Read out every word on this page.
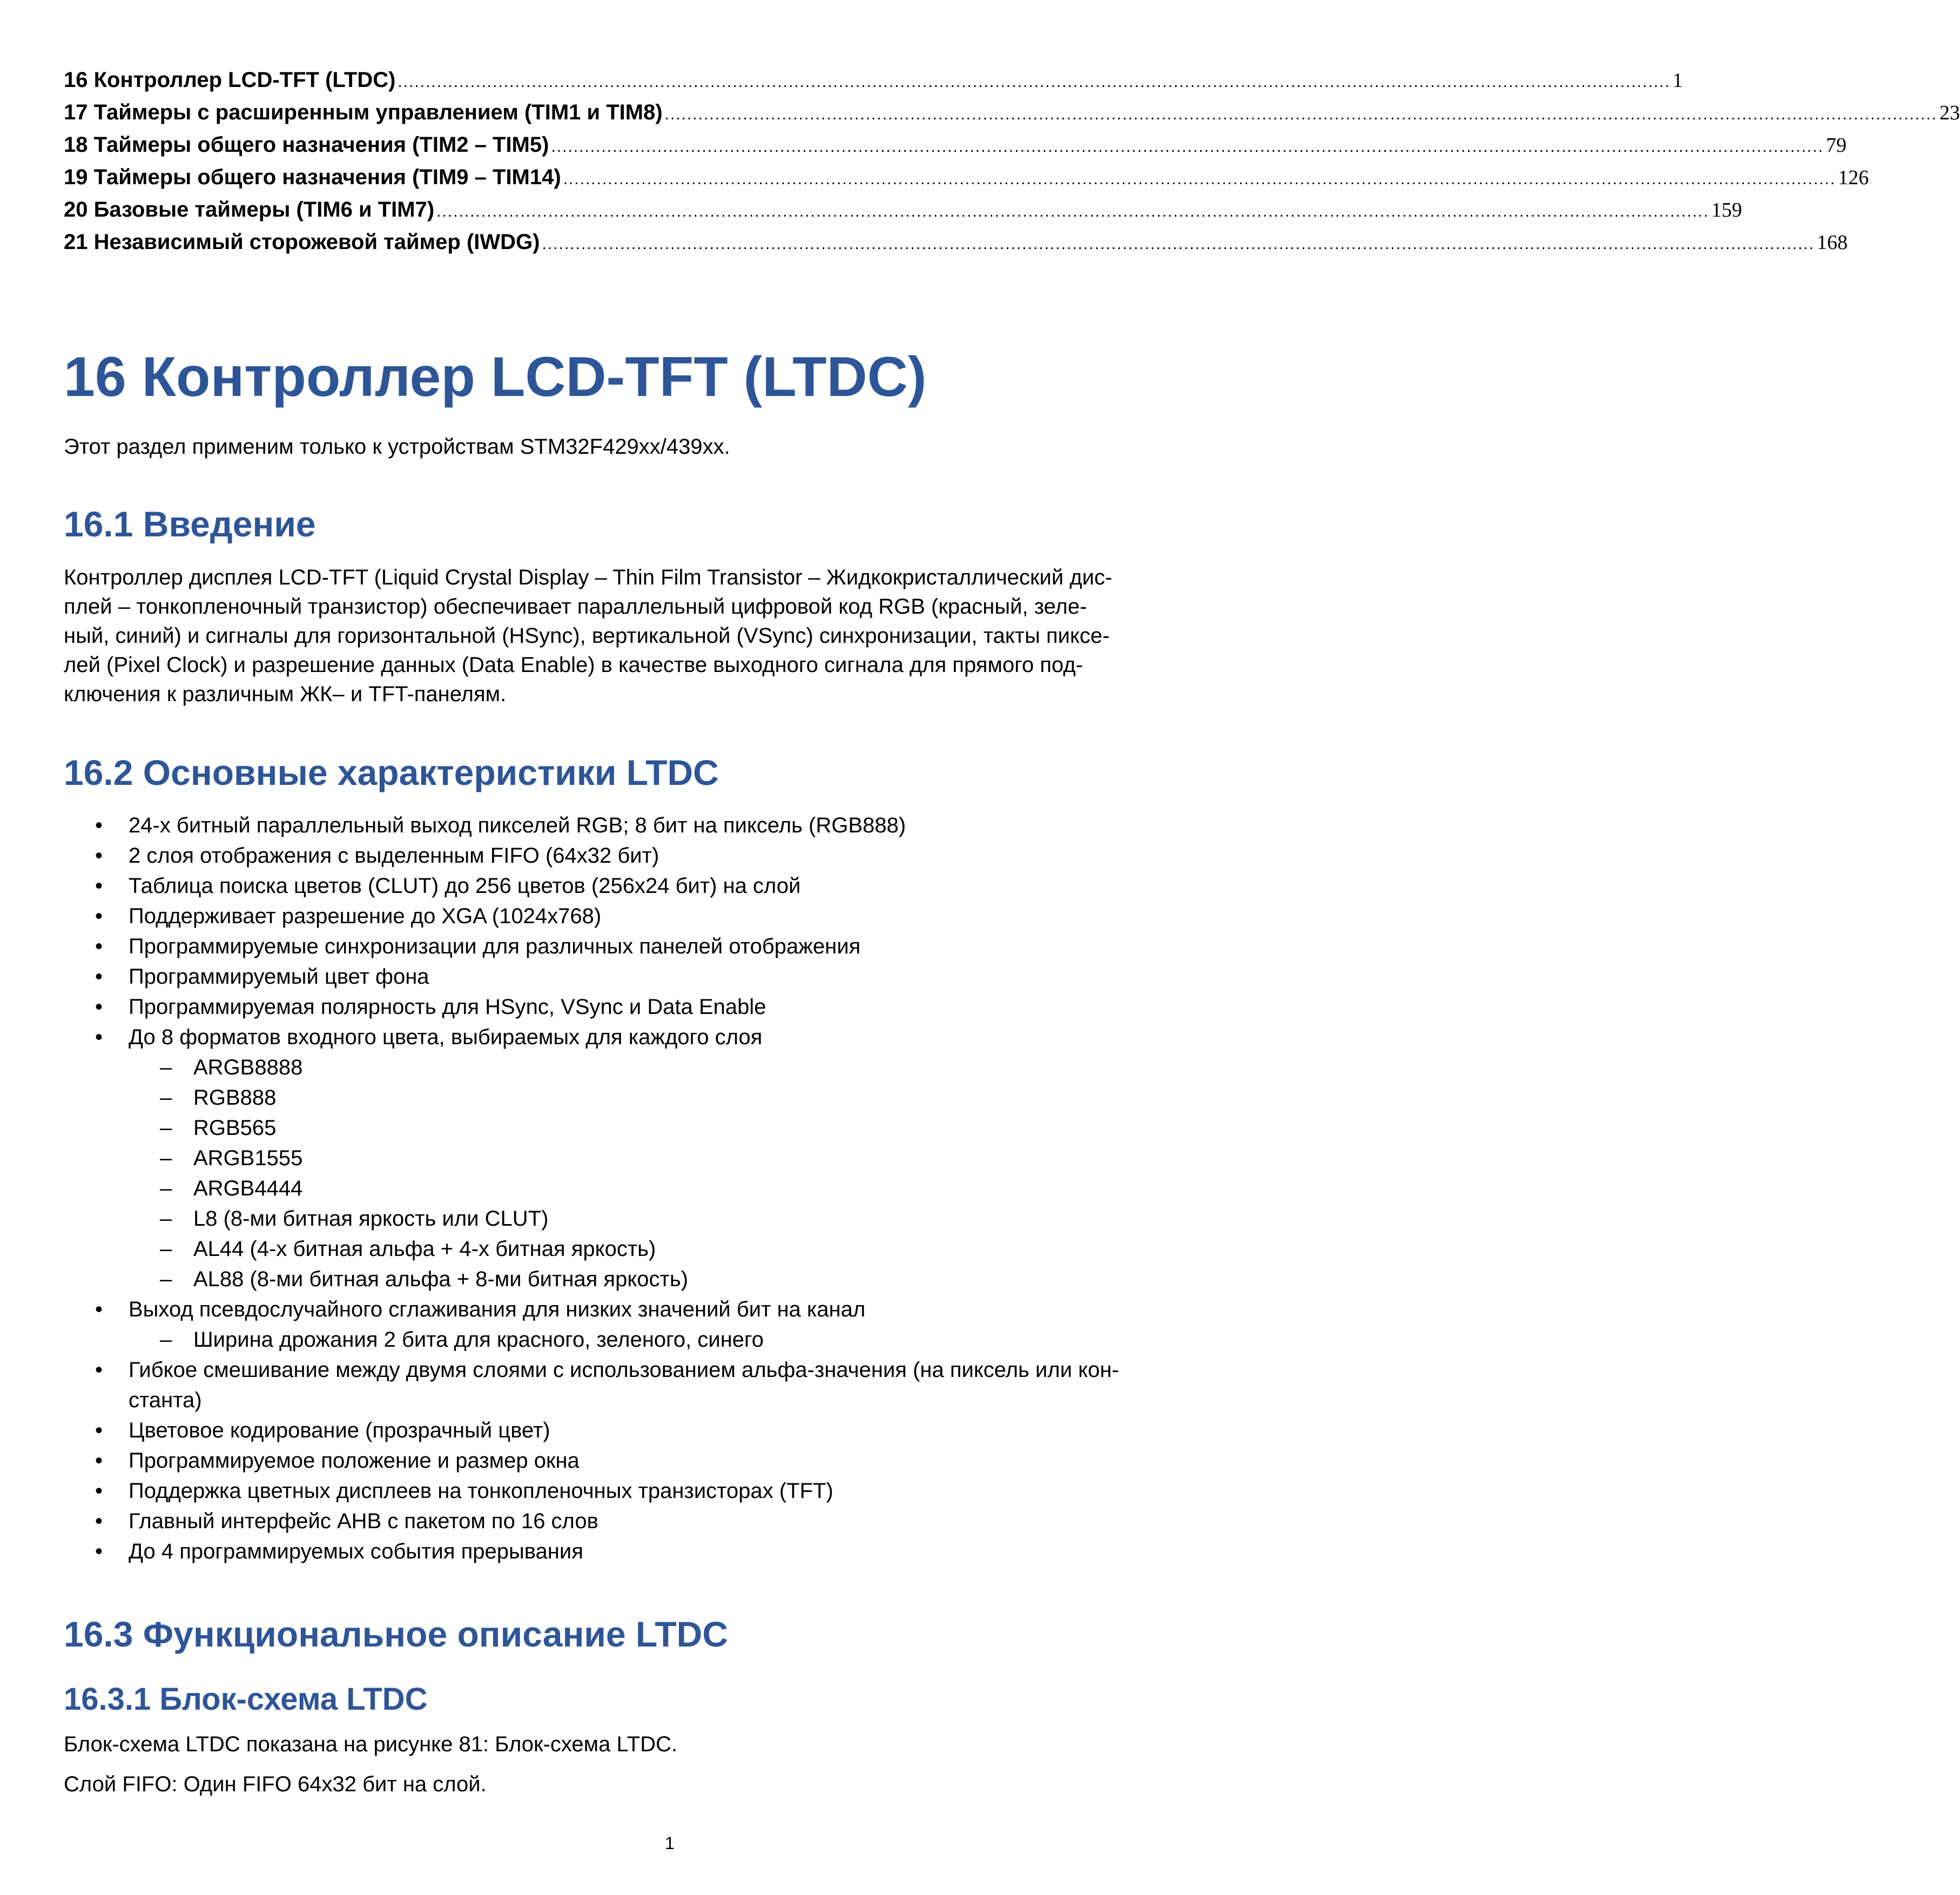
16 Контроллер LCD-TFT (LTDC) .................................................................................................................................................................................................................................... 1
17 Таймеры с расширенным управлением (TIM1 и TIM8) .................................................................................................................................................................................................................................... 23
18 Таймеры общего назначения (TIM2 – TIM5) .................................................................................................................................................................................................................................... 79
19 Таймеры общего назначения (TIM9 – TIM14) .................................................................................................................................................................................................................................... 126
20 Базовые таймеры (TIM6 и TIM7) .................................................................................................................................................................................................................................... 159
21 Независимый сторожевой таймер (IWDG) .................................................................................................................................................................................................................................... 168
16 Контроллер LCD-TFT (LTDC)

Этот раздел применим только к устройствам STM32F429xx/439xx.

16.1 Введение
Контроллер дисплея LCD-TFT (Liquid Crystal Display – Thin Film Transistor – Жидкокристаллический дис-
плей – тонкопленочный транзистор) обеспечивает параллельный цифровой код RGB (красный, зеле-
ный, синий) и сигналы для горизонтальной (HSync), вертикальной (VSync) синхронизации, такты пиксе-
лей (Pixel Clock) и разрешение данных (Data Enable) в качестве выходного сигнала для прямого под-
ключения к различным ЖК– и TFT-панелям.
16.2 Основные характеристики LTDC
• 24-х битный параллельный выход пикселей RGB; 8 бит на пиксель (RGB888)
• 2 слоя отображения с выделенным FIFO (64x32 бит)
• Таблица поиска цветов (CLUT) до 256 цветов (256x24 бит) на слой
• Поддерживает разрешение до XGA (1024x768)
• Программируемые синхронизации для различных панелей отображения
• Программируемый цвет фона
• Программируемая полярность для HSync, VSync и Data Enable
• До 8 форматов входного цвета, выбираемых для каждого слоя
– ARGB8888
– RGB888
– RGB565
– ARGB1555
– ARGB4444
– L8 (8-ми битная яркость или CLUT)
– AL44 (4-х битная альфа + 4-х битная яркость)
– AL88 (8-ми битная альфа + 8-ми битная яркость)
• Выход псевдослучайного сглаживания для низких значений бит на канал
– Ширина дрожания 2 бита для красного, зеленого, синего
• Гибкое смешивание между двумя слоями с использованием альфа-значения (на пиксель или кон-
станта)
• Цветовое кодирование (прозрачный цвет)
• Программируемое положение и размер окна
• Поддержка цветных дисплеев на тонкопленочных транзисторах (TFT)
• Главный интерфейс AHB с пакетом по 16 слов
• До 4 программируемых события прерывания
16.3 Функциональное описание LTDC
16.3.1 Блок-схема LTDC

Блок-схема LTDC показана на рисунке 81: Блок-схема LTDC.

Слой FIFO: Один FIFO 64x32 бит на слой.

1
